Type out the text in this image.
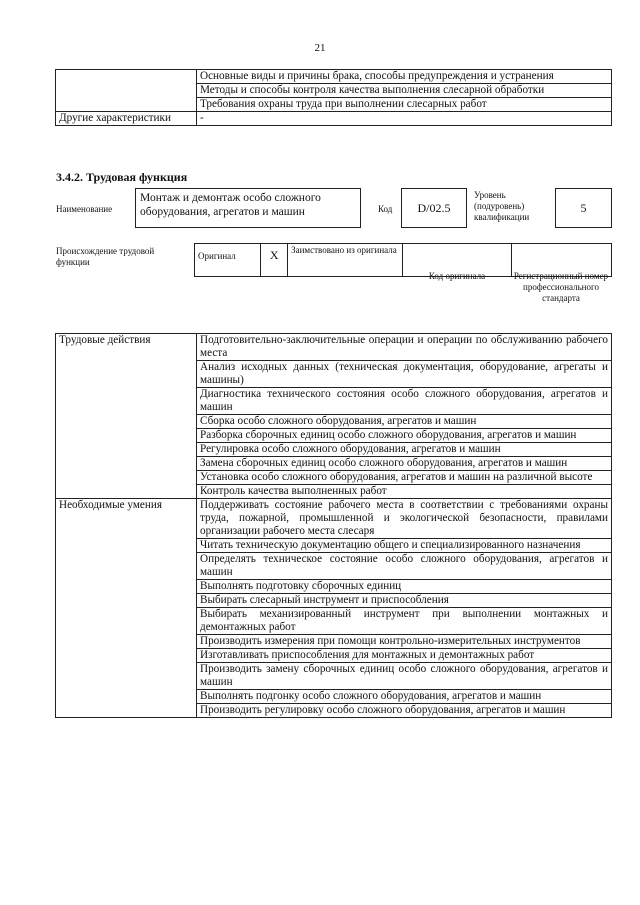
21
	Основные виды и причины брака, способы предупреждения и устранения
	Методы и способы контроля качества выполнения слесарной обработки
	Требования охраны труда при выполнении слесарных работ
Другие характеристики	-
3.4.2. Трудовая функция
Наименование
Монтаж и демонтаж особо сложного оборудования, агрегатов и машин	Код	D/02.5
Уровень (подуровень) квалификации
5
Происхождение трудовой функции
Оригинал	X	Заимствовано из оригинала		
Код оригинала	Регистрационный номер профессионального стандарта
Трудовые действия	Подготовительно-заключительные операции и операции по обслуживанию рабочего места
	Анализ исходных данных (техническая документация, оборудование, агрегаты и машины)
	Диагностика технического состояния особо сложного оборудования, агрегатов и машин
	Сборка особо сложного оборудования, агрегатов и машин
	Разборка сборочных единиц особо сложного оборудования, агрегатов и машин
	Регулировка особо сложного оборудования, агрегатов и машин
	Замена сборочных единиц особо сложного оборудования, агрегатов и машин
	Установка особо сложного оборудования, агрегатов и машин на различной высоте
	Контроль качества выполненных работ
Необходимые умения	Поддерживать состояние рабочего места в соответствии с требованиями охраны труда, пожарной, промышленной и экологической безопасности, правилами организации рабочего места слесаря
	Читать техническую документацию общего и специализированного назначения
	Определять техническое состояние особо сложного оборудования, агрегатов и машин
	Выполнять подготовку сборочных единиц
	Выбирать слесарный инструмент и приспособления
	Выбирать механизированный инструмент при выполнении монтажных и демонтажных работ
	Производить измерения при помощи контрольно-измерительных инструментов
	Изготавливать приспособления для монтажных и демонтажных работ
	Производить замену сборочных единиц особо сложного оборудования, агрегатов и машин
	Выполнять подгонку особо сложного оборудования, агрегатов и машин
	Производить регулировку особо сложного оборудования, агрегатов и машин
